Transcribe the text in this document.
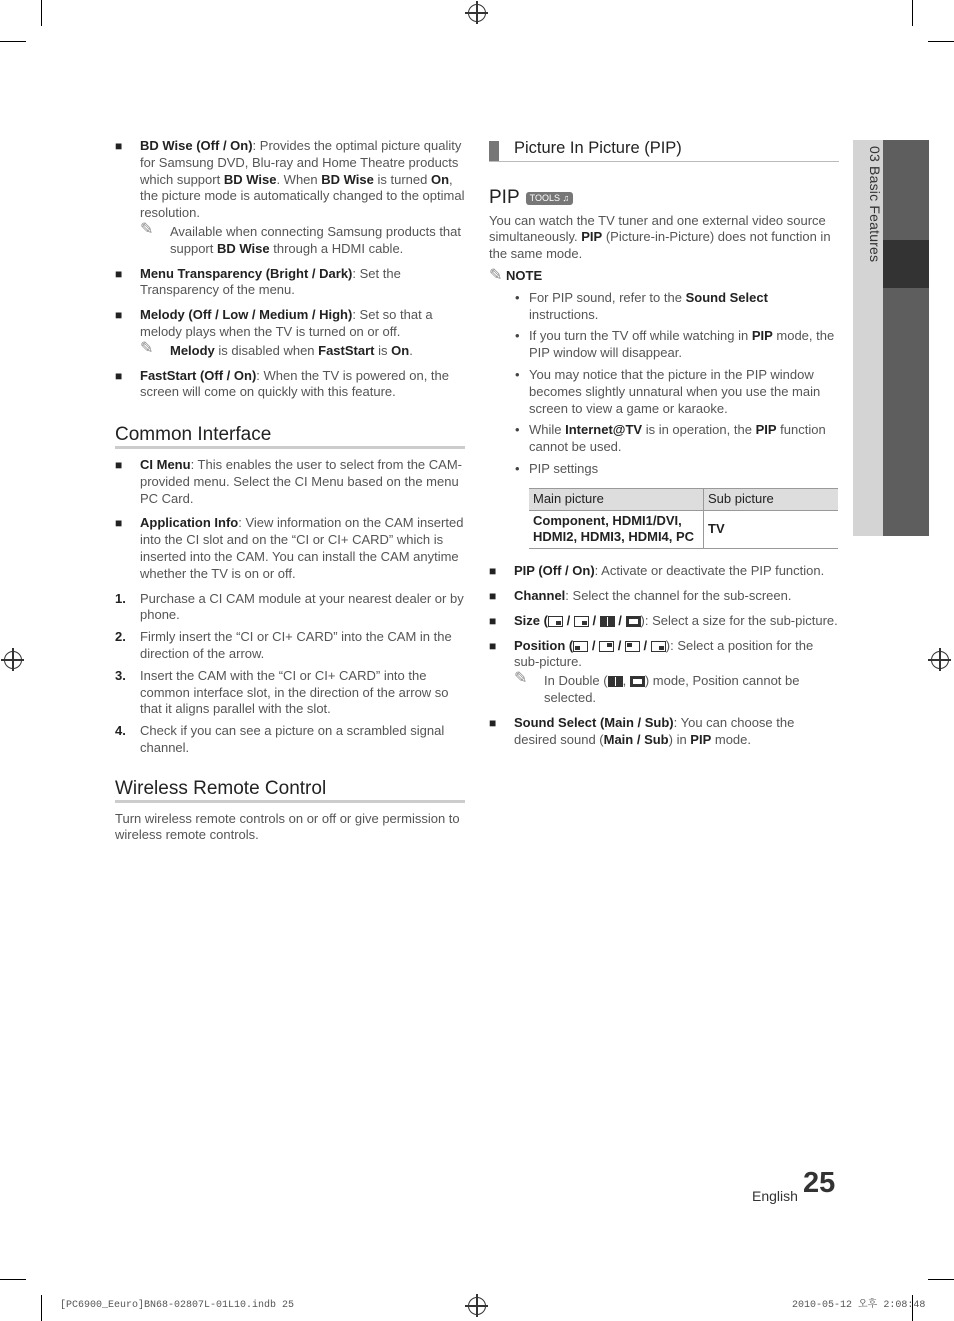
■ BD Wise (Off / On): Provides the optimal picture quality for Samsung DVD, Blu-ray and Home Theatre products which support BD Wise. When BD Wise is turned On, the picture mode is automatically changed to the optimal resolution.
✎ Available when connecting Samsung products that support BD Wise through a HDMI cable.
■ Menu Transparency (Bright / Dark): Set the Transparency of the menu.
■ Melody (Off / Low / Medium / High): Set so that a melody plays when the TV is turned on or off.
✎ Melody is disabled when FastStart is On.
■ FastStart (Off / On): When the TV is powered on, the screen will come on quickly with this feature.
Common Interface
■ CI Menu: This enables the user to select from the CAM-provided menu. Select the CI Menu based on the menu PC Card.
■ Application Info: View information on the CAM inserted into the CI slot and on the “CI or CI+ CARD” which is inserted into the CAM. You can install the CAM anytime whether the TV is on or off.
1. Purchase a CI CAM module at your nearest dealer or by phone.
2. Firmly insert the “CI or CI+ CARD” into the CAM in the direction of the arrow.
3. Insert the CAM with the “CI or CI+ CARD” into the common interface slot, in the direction of the arrow so that it aligns parallel with the slot.
4. Check if you can see a picture on a scrambled signal channel.
Wireless Remote Control
Turn wireless remote controls on or off or give permission to wireless remote controls.
Picture In Picture (PIP)
PIP	TOOLS ♫
You can watch the TV tuner and one external video source simultaneously. PIP (Picture-in-Picture) does not function in the same mode.
✎ NOTE
• For PIP sound, refer to the Sound Select instructions.
• If you turn the TV off while watching in PIP mode, the PIP window will disappear.
• You may notice that the picture in the PIP window becomes slightly unnatural when you use the main screen to view a game or karaoke.
• While Internet@TV is in operation, the PIP function cannot be used.
• PIP settings
Main picture	Sub picture
Component, HDMI1/DVI, HDMI2, HDMI3, HDMI4, PC	TV
■ PIP (Off / On): Activate or deactivate the PIP function.
■ Channel: Select the channel for the sub-screen.
■ Size ( /  /  / ): Select a size for the sub-picture.
■ Position ( /  /  / ): Select a position for the sub-picture.
✎ In Double ( , ) mode, Position cannot be selected.
■ Sound Select (Main / Sub): You can choose the desired sound (Main / Sub) in PIP mode.
03 Basic Features
English 25
[PC6900_Eeuro]BN68-02807L-01L10.indb 25	2010-05-12 오후 2:08:48
